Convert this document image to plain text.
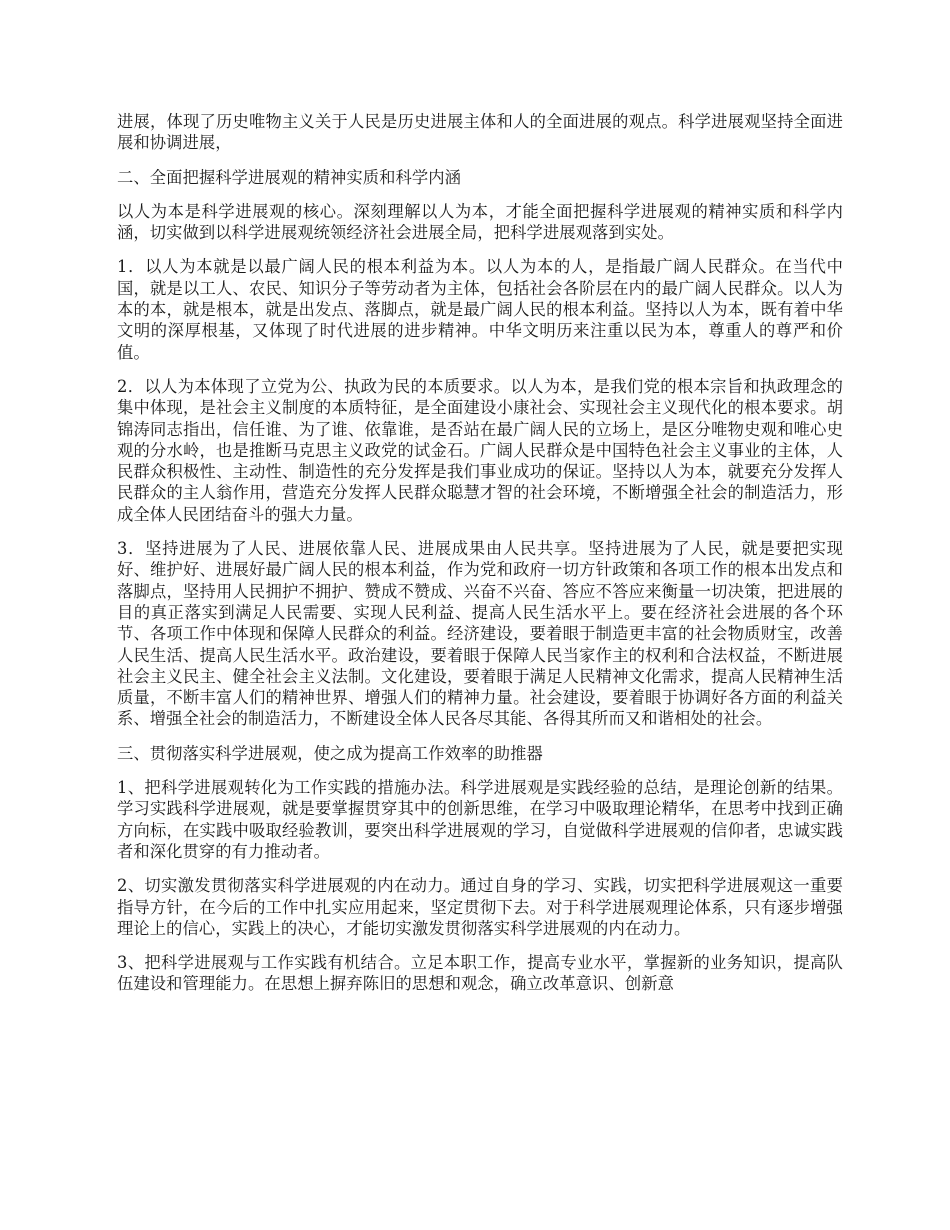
进展，体现了历史唯物主义关于人民是历史进展主体和人的全面进展的观点。科学进展观坚持全面进展和协调进展，

二、全面把握科学进展观的精神实质和科学内涵

以人为本是科学进展观的核心。深刻理解以人为本，才能全面把握科学进展观的精神实质和科学内涵，切实做到以科学进展观统领经济社会进展全局，把科学进展观落到实处。

1．以人为本就是以最广阔人民的根本利益为本。以人为本的人，是指最广阔人民群众。在当代中国，就是以工人、农民、知识分子等劳动者为主体，包括社会各阶层在内的最广阔人民群众。以人为本的本，就是根本，就是出发点、落脚点，就是最广阔人民的根本利益。坚持以人为本，既有着中华文明的深厚根基，又体现了时代进展的进步精神。中华文明历来注重以民为本，尊重人的尊严和价值。

2．以人为本体现了立党为公、执政为民的本质要求。以人为本，是我们党的根本宗旨和执政理念的集中体现，是社会主义制度的本质特征，是全面建设小康社会、实现社会主义现代化的根本要求。胡锦涛同志指出，信任谁、为了谁、依靠谁，是否站在最广阔人民的立场上，是区分唯物史观和唯心史观的分水岭，也是推断马克思主义政党的试金石。广阔人民群众是中国特色社会主义事业的主体，人民群众积极性、主动性、制造性的充分发挥是我们事业成功的保证。坚持以人为本，就要充分发挥人民群众的主人翁作用，营造充分发挥人民群众聪慧才智的社会环境，不断增强全社会的制造活力，形成全体人民团结奋斗的强大力量。

3．坚持进展为了人民、进展依靠人民、进展成果由人民共享。坚持进展为了人民，就是要把实现好、维护好、进展好最广阔人民的根本利益，作为党和政府一切方针政策和各项工作的根本出发点和落脚点，坚持用人民拥护不拥护、赞成不赞成、兴奋不兴奋、答应不答应来衡量一切决策，把进展的目的真正落实到满足人民需要、实现人民利益、提高人民生活水平上。要在经济社会进展的各个环节、各项工作中体现和保障人民群众的利益。经济建设，要着眼于制造更丰富的社会物质财宝，改善人民生活、提高人民生活水平。政治建设，要着眼于保障人民当家作主的权利和合法权益，不断进展社会主义民主、健全社会主义法制。文化建设，要着眼于满足人民精神文化需求，提高人民精神生活质量，不断丰富人们的精神世界、增强人们的精神力量。社会建设，要着眼于协调好各方面的利益关系、增强全社会的制造活力，不断建设全体人民各尽其能、各得其所而又和谐相处的社会。

三、贯彻落实科学进展观，使之成为提高工作效率的助推器

1、把科学进展观转化为工作实践的措施办法。科学进展观是实践经验的总结，是理论创新的结果。学习实践科学进展观，就是要掌握贯穿其中的创新思维，在学习中吸取理论精华，在思考中找到正确方向标，在实践中吸取经验教训，要突出科学进展观的学习，自觉做科学进展观的信仰者，忠诚实践者和深化贯穿的有力推动者。

2、切实激发贯彻落实科学进展观的内在动力。通过自身的学习、实践，切实把科学进展观这一重要指导方针，在今后的工作中扎实应用起来，坚定贯彻下去。对于科学进展观理论体系，只有逐步增强理论上的信心，实践上的决心，才能切实激发贯彻落实科学进展观的内在动力。

3、把科学进展观与工作实践有机结合。立足本职工作，提高专业水平，掌握新的业务知识，提高队伍建设和管理能力。在思想上摒弃陈旧的思想和观念，确立改革意识、创新意
